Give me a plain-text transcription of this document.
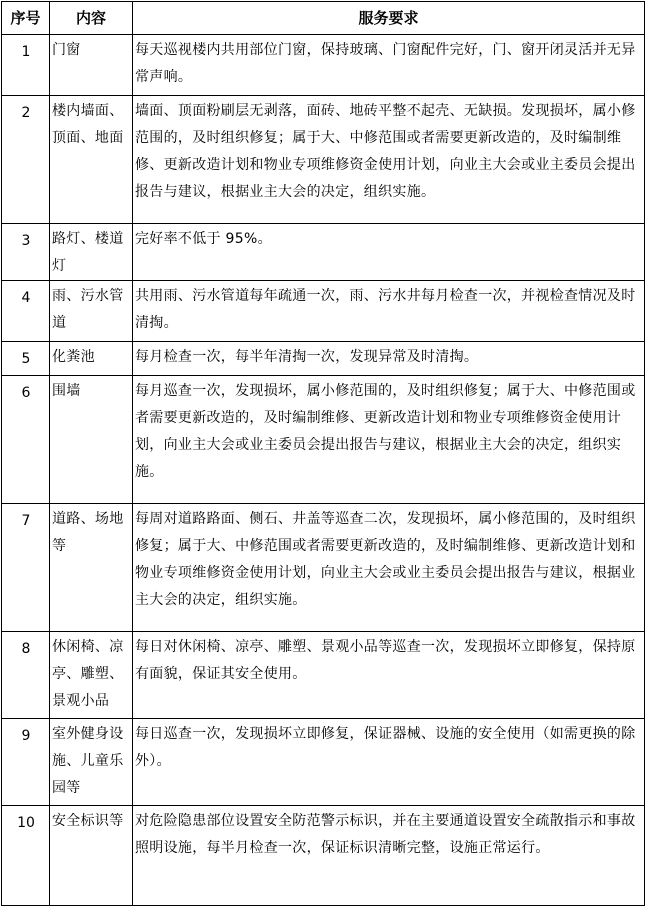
序号	内容	服务要求
1	门窗	每天巡视楼内共用部位门窗，保持玻璃、门窗配件完好，门、窗开闭灵活并无异常声响。
2	楼内墙面、顶面、地面	墙面、顶面粉刷层无剥落，面砖、地砖平整不起壳、无缺损。发现损坏，属小修范围的，及时组织修复；属于大、中修范围或者需要更新改造的，及时编制维修、更新改造计划和物业专项维修资金使用计划，向业主大会或业主委员会提出报告与建议，根据业主大会的决定，组织实施。
3	路灯、楼道灯	完好率不低于 95%。
4	雨、污水管道	共用雨、污水管道每年疏通一次，雨、污水井每月检查一次，并视检查情况及时清掏。
5	化粪池	每月检查一次，每半年清掏一次，发现异常及时清掏。
6	围墙	每月巡查一次，发现损坏，属小修范围的，及时组织修复；属于大、中修范围或者需要更新改造的，及时编制维修、更新改造计划和物业专项维修资金使用计划，向业主大会或业主委员会提出报告与建议，根据业主大会的决定，组织实施。
7	道路、场地等	每周对道路路面、侧石、井盖等巡查二次，发现损坏，属小修范围的，及时组织修复；属于大、中修范围或者需要更新改造的，及时编制维修、更新改造计划和物业专项维修资金使用计划，向业主大会或业主委员会提出报告与建议，根据业主大会的决定，组织实施。
8	休闲椅、凉亭、雕塑、景观小品	每日对休闲椅、凉亭、雕塑、景观小品等巡查一次，发现损坏立即修复，保持原有面貌，保证其安全使用。
9	室外健身设施、儿童乐园等	每日巡查一次，发现损坏立即修复，保证器械、设施的安全使用（如需更换的除外）。
10	安全标识等	对危险隐患部位设置安全防范警示标识，并在主要通道设置安全疏散指示和事故照明设施，每半月检查一次，保证标识清晰完整，设施正常运行。
